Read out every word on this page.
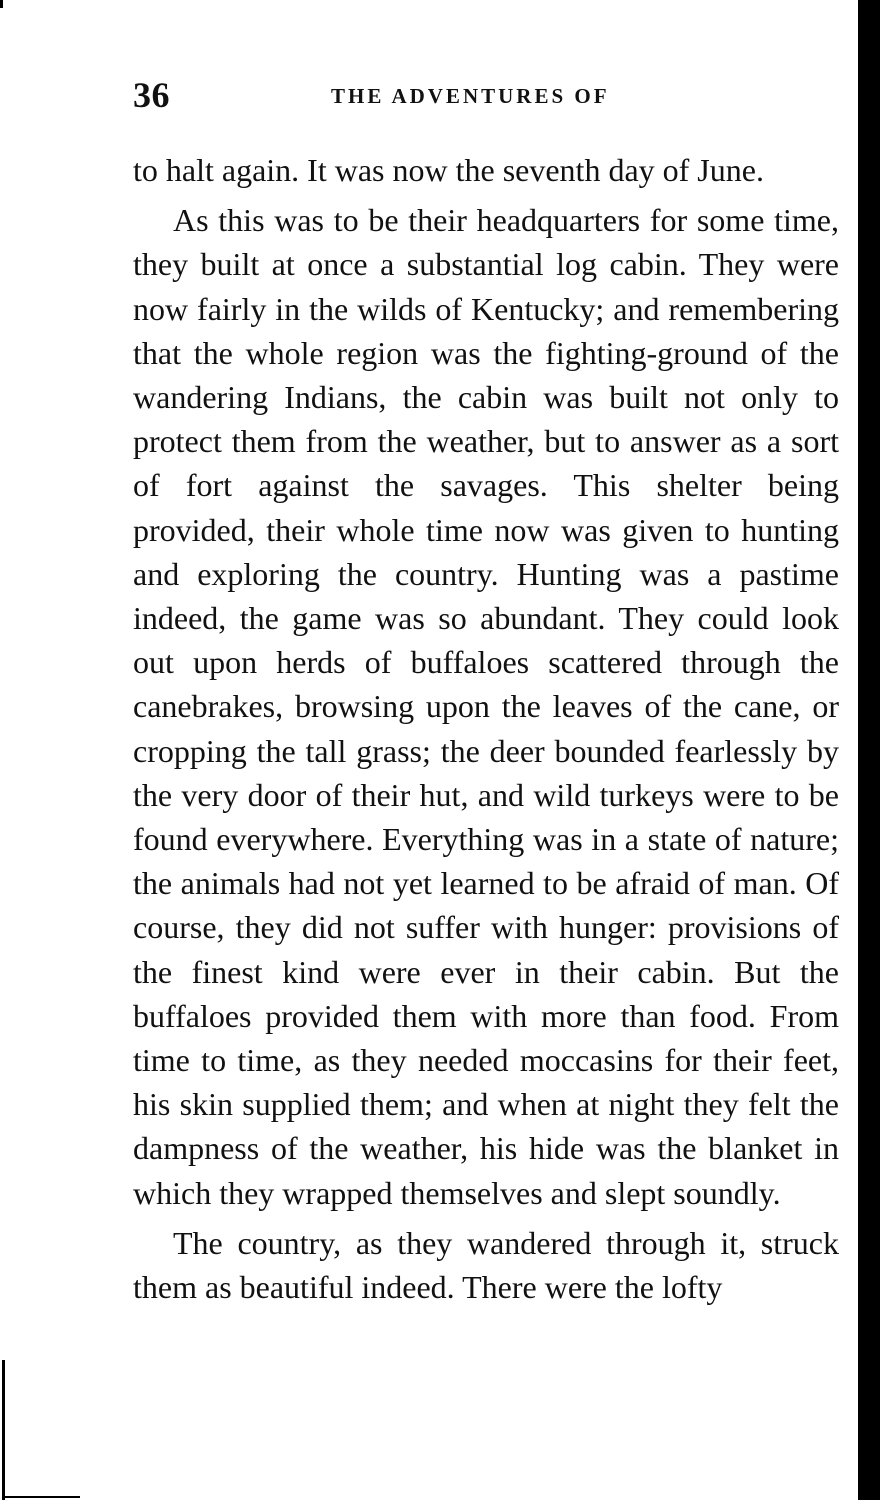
36	THE ADVENTURES OF

to halt again. It was now the seventh day of June.

As this was to be their headquarters for some time, they built at once a substantial log cabin. They were now fairly in the wilds of Kentucky; and remembering that the whole region was the fighting-ground of the wandering Indians, the cabin was built not only to protect them from the weather, but to answer as a sort of fort against the savages. This shelter being provided, their whole time now was given to hunting and exploring the country. Hunting was a pastime indeed, the game was so abundant. They could look out upon herds of buffaloes scattered through the canebrakes, browsing upon the leaves of the cane, or cropping the tall grass; the deer bounded fearlessly by the very door of their hut, and wild turkeys were to be found everywhere. Everything was in a state of nature; the animals had not yet learned to be afraid of man. Of course, they did not suffer with hunger: provisions of the finest kind were ever in their cabin. But the buffaloes provided them with more than food. From time to time, as they needed moccasins for their feet, his skin supplied them; and when at night they felt the dampness of the weather, his hide was the blanket in which they wrapped themselves and slept soundly.

The country, as they wandered through it, struck them as beautiful indeed. There were the lofty
